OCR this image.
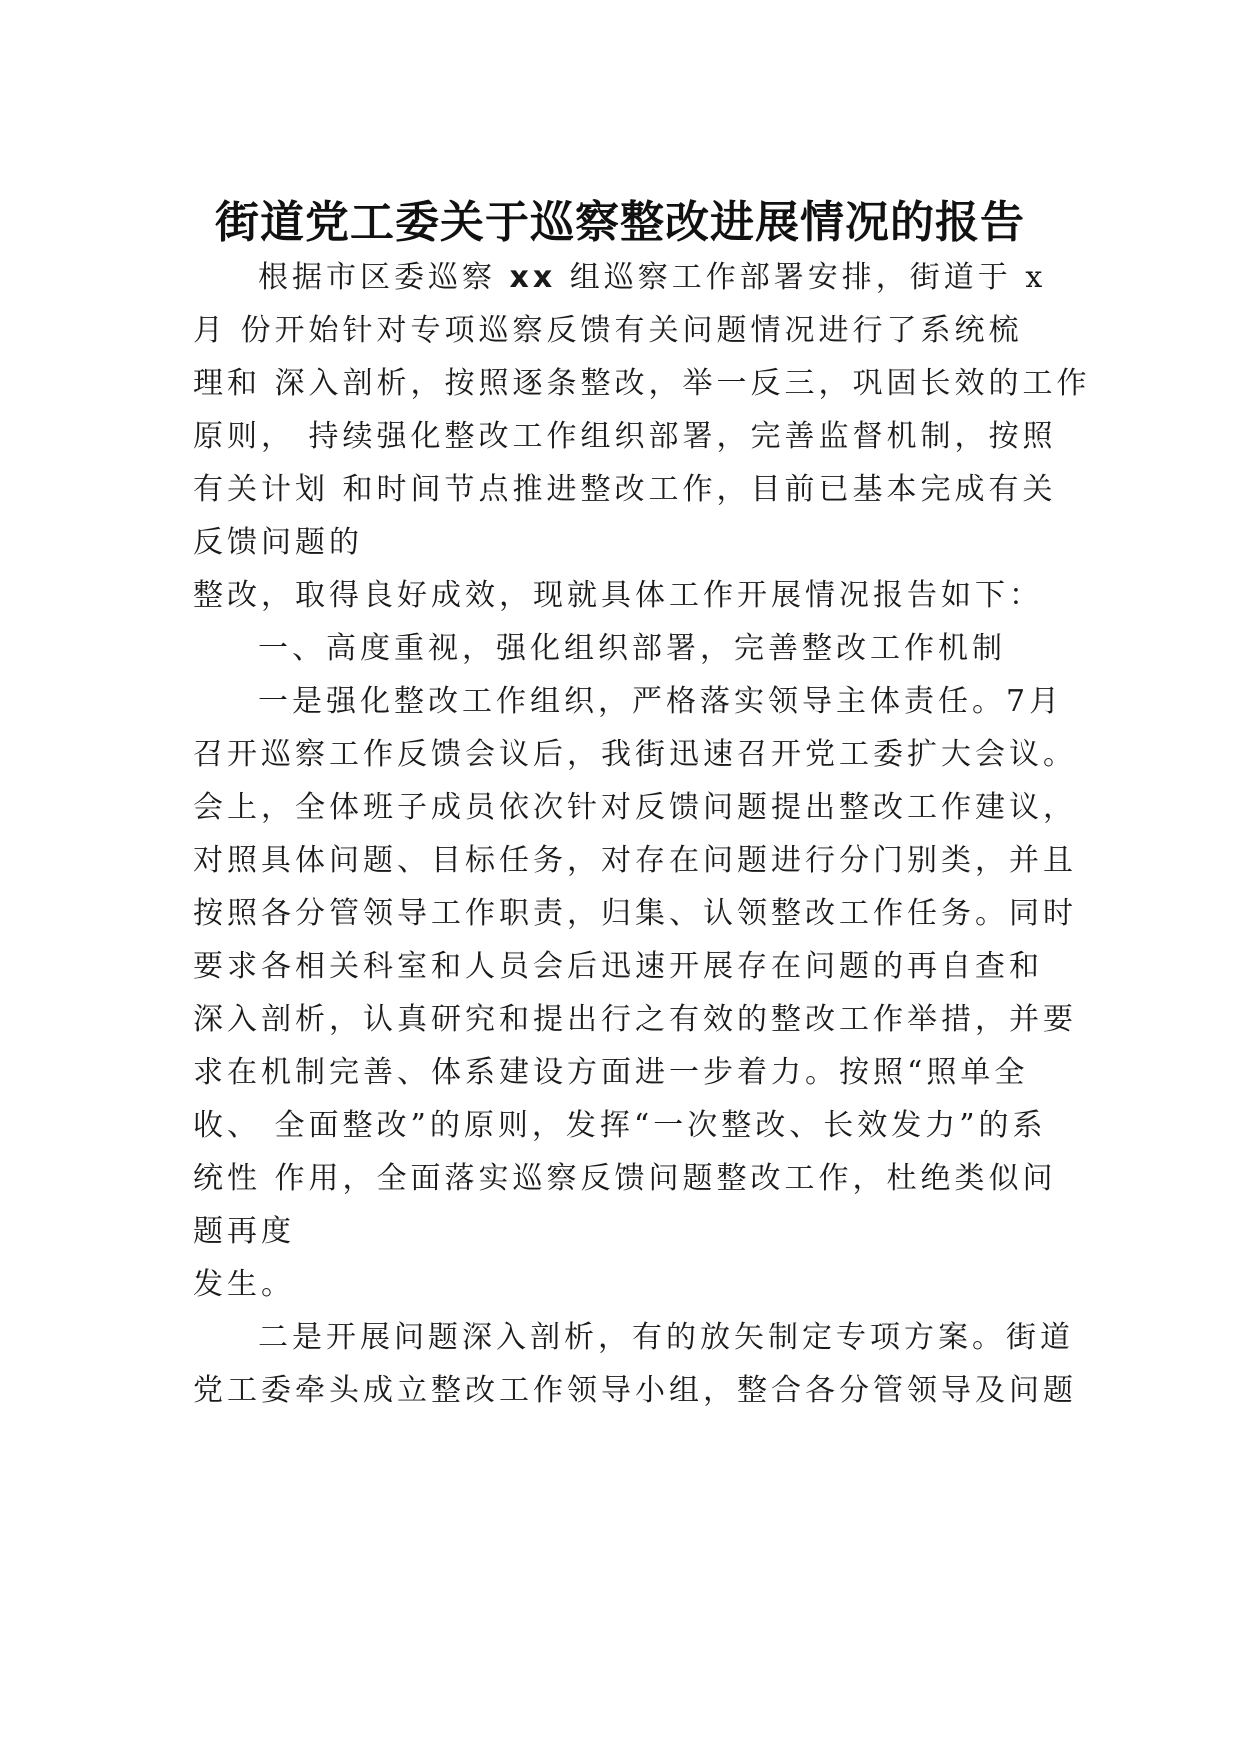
街道党工委关于巡察整改进展情况的报告
根据市区委巡察 xx 组巡察工作部署安排，街道于 x
月 份开始针对专项巡察反馈有关问题情况进行了系统梳
理和 深入剖析，按照逐条整改，举一反三，巩固长效的工作
原则， 持续强化整改工作组织部署，完善监督机制，按照
有关计划 和时间节点推进整改工作，目前已基本完成有关
反馈问题的
整改，取得良好成效，现就具体工作开展情况报告如下：
一、高度重视，强化组织部署，完善整改工作机制
一是强化整改工作组织，严格落实领导主体责任。7月
召开巡察工作反馈会议后，我街迅速召开党工委扩大会议。
会上，全体班子成员依次针对反馈问题提出整改工作建议，
对照具体问题、目标任务，对存在问题进行分门别类，并且
按照各分管领导工作职责，归集、认领整改工作任务。同时
要求各相关科室和人员会后迅速开展存在问题的再自查和
深入剖析，认真研究和提出行之有效的整改工作举措，并要
求在机制完善、体系建设方面进一步着力。按照“照单全
收、 全面整改”的原则，发挥“一次整改、长效发力”的系
统性 作用，全面落实巡察反馈问题整改工作，杜绝类似问
题再度
发生。
二是开展问题深入剖析，有的放矢制定专项方案。街道
党工委牵头成立整改工作领导小组，整合各分管领导及问题
